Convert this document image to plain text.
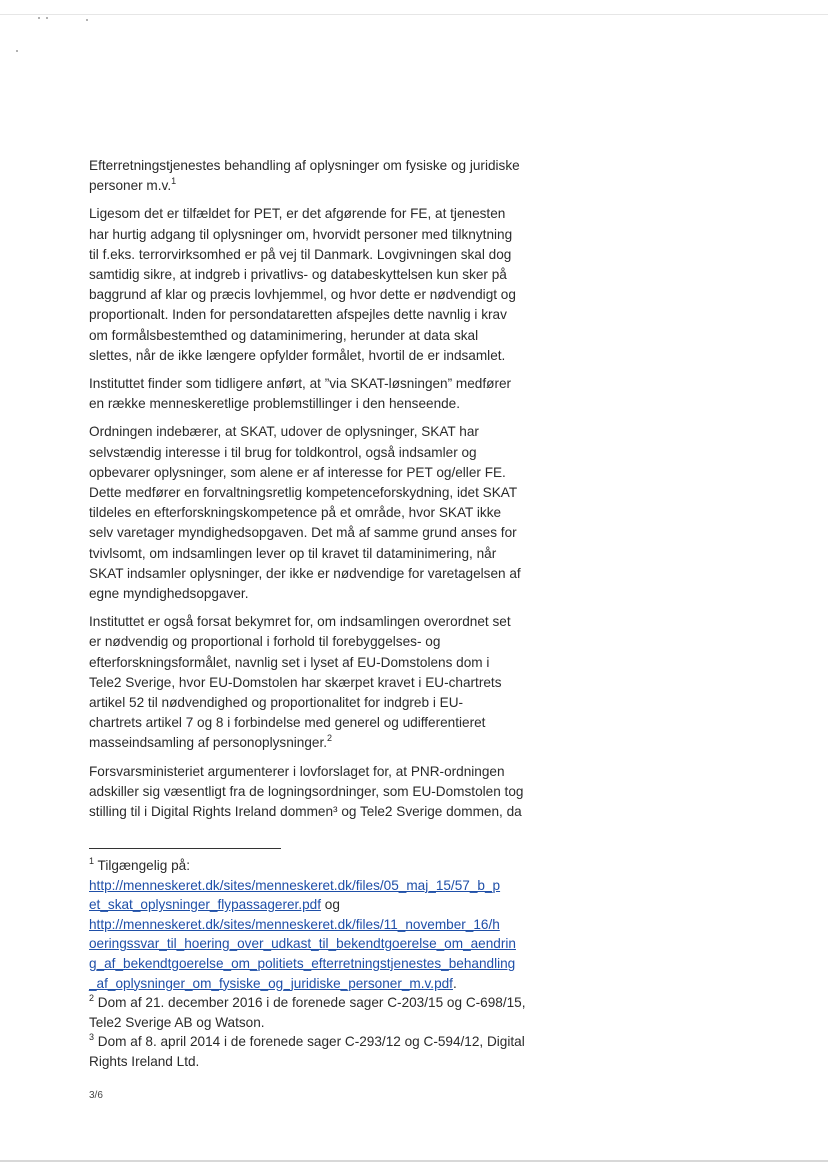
Efterretningstjenestes behandling af oplysninger om fysiske og juridiske
personer m.v.$^1$

Ligesom det er tilfældet for PET, er det afgørende for FE, at tjenesten
har hurtig adgang til oplysninger om, hvorvidt personer med tilknytning
til f.eks. terrorvirksomhed er på vej til Danmark. Lovgivningen skal dog
samtidig sikre, at indgreb i privatlivs- og databeskyttelsen kun sker på
baggrund af klar og præcis lovhjemmel, og hvor dette er nødvendigt og
proportionalt. Inden for persondataretten afspejles dette navnlig i krav
om formålsbestemthed og dataminimering, herunder at data skal
slettes, når de ikke længere opfylder formålet, hvortil de er indsamlet.

Instituttet finder som tidligere anført, at ”via SKAT-løsningen” medfører
en række menneskeretlige problemstillinger i den henseende.

Ordningen indebærer, at SKAT, udover de oplysninger, SKAT har
selvstændig interesse i til brug for toldkontrol, også indsamler og
opbevarer oplysninger, som alene er af interesse for PET og/eller FE.
Dette medfører en forvaltningsretlig kompetenceforskydning, idet SKAT
tildeles en efterforskningskompetence på et område, hvor SKAT ikke
selv varetager myndighedsopgaven. Det må af samme grund anses for
tvivlsomt, om indsamlingen lever op til kravet til dataminimering, når
SKAT indsamler oplysninger, der ikke er nødvendige for varetagelsen af
egne myndighedsopgaver.

Instituttet er også forsat bekymret for, om indsamlingen overordnet set
er nødvendig og proportional i forhold til forebyggelses- og
efterforskningsformålet, navnlig set i lyset af EU-Domstolens dom i
Tele2 Sverige, hvor EU-Domstolen har skærpet kravet i EU-chartrets
artikel 52 til nødvendighed og proportionalitet for indgreb i EU-
chartrets artikel 7 og 8 i forbindelse med generel og udifferentieret
masseindsamling af personoplysninger.$^2$

Forsvarsministeriet argumenterer i lovforslaget for, at PNR-ordningen
adskiller sig væsentligt fra de logningsordninger, som EU-Domstolen tog
stilling til i Digital Rights Ireland dommen³ og Tele2 Sverige dommen, da

$^1$ Tilgængelig på:
http://menneskeret.dk/sites/menneskeret.dk/files/05_maj_15/57_b_p
et_skat_oplysninger_flypassagerer.pdf og
http://menneskeret.dk/sites/menneskeret.dk/files/11_november_16/h
oeringssvar_til_hoering_over_udkast_til_bekendtgoerelse_om_aendrin
g_af_bekendtgoerelse_om_politiets_efterretningstjenestes_behandling
_af_oplysninger_om_fysiske_og_juridiske_personer_m.v.pdf.
$^2$ Dom af 21. december 2016 i de forenede sager C-203/15 og C-698/15,
Tele2 Sverige AB og Watson.
$^3$ Dom af 8. april 2014 i de forenede sager C-293/12 og C-594/12, Digital
Rights Ireland Ltd.
3/6
